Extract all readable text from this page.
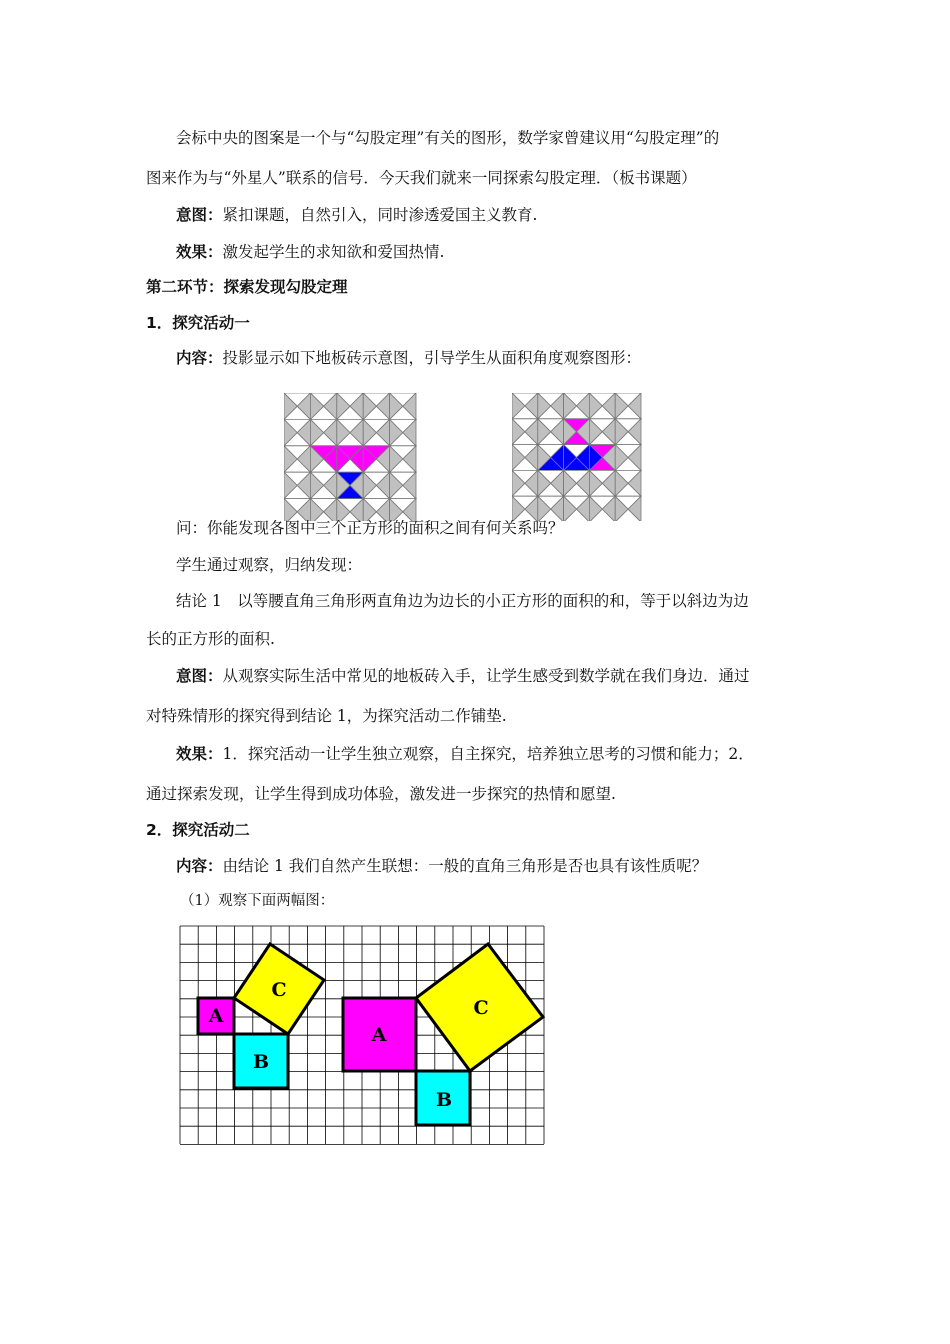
会标中央的图案是一个与“勾股定理”有关的图形，数学家曾建议用“勾股定理”的
图来作为与“外星人”联系的信号．今天我们就来一同探索勾股定理．（板书课题）
意图：紧扣课题，自然引入，同时渗透爱国主义教育.
效果：激发起学生的求知欲和爱国热情.
第二环节：探索发现勾股定理
1．探究活动一
内容：投影显示如下地板砖示意图，引导学生从面积角度观察图形：
问：你能发现各图中三个正方形的面积之间有何关系吗？
学生通过观察，归纳发现：
结论 1　以等腰直角三角形两直角边为边长的小正方形的面积的和，等于以斜边为边
长的正方形的面积.
意图：从观察实际生活中常见的地板砖入手，让学生感受到数学就在我们身边．通过
对特殊情形的探究得到结论 1，为探究活动二作铺垫.
效果：1．探究活动一让学生独立观察，自主探究，培养独立思考的习惯和能力；2．
通过探索发现，让学生得到成功体验，激发进一步探究的热情和愿望.
2．探究活动二
内容：由结论 1 我们自然产生联想：一般的直角三角形是否也具有该性质呢？
（1）观察下面两幅图：
A
B
C
A
B
C
